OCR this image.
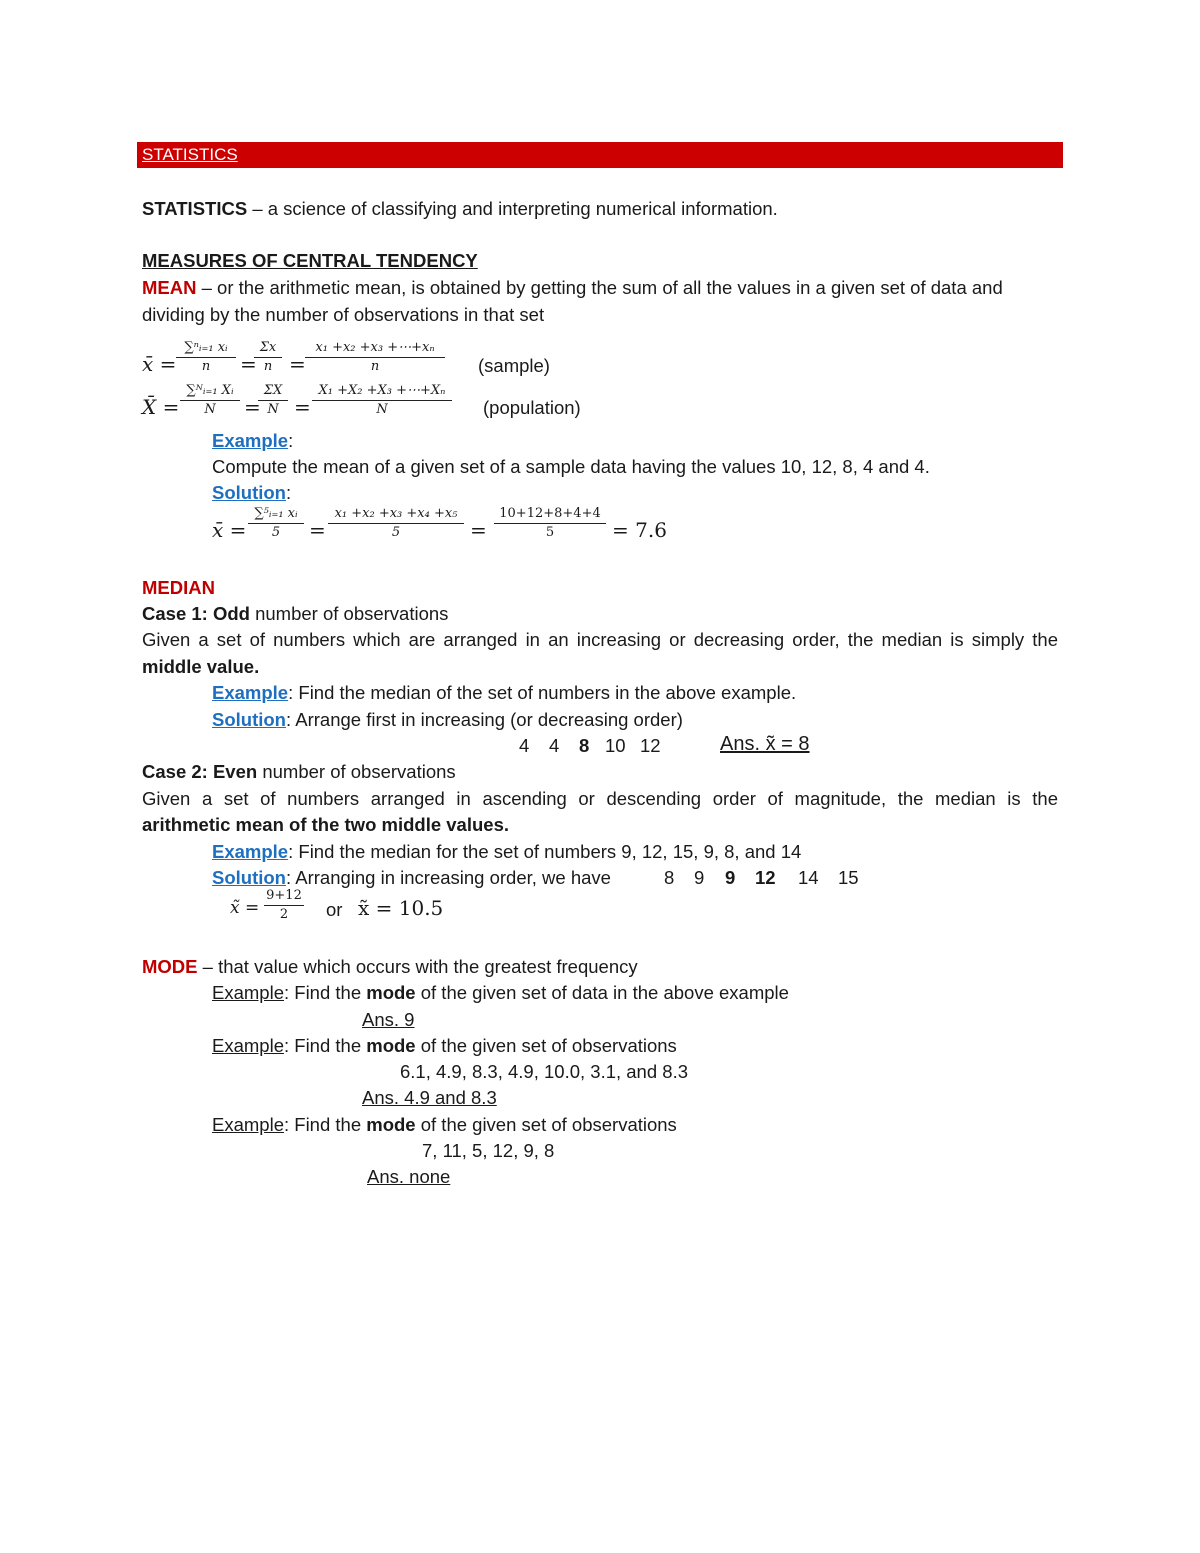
STATISTICS
STATISTICS – a science of classifying and interpreting numerical information.
MEASURES OF CENTRAL TENDENCY
MEAN – or the arithmetic mean, is obtained by getting the sum of all the values in a given set of data and
dividing by the number of observations in that set
x̄ = $\frac{\text{∑ⁿᵢ₌₁ xᵢ}}{n}$ =
$\frac{\Sigma x}{n} = \frac{\text{x₁ +x₂ +x₃ +⋯+xₙ}}{n}$ (sample)
X̄ = $\frac{\text{∑ᴺᵢ₌₁ Xᵢ}}{N}$ =
$\frac{\Sigma X}{N} = \frac{\text{X₁ +X₂ +X₃ +⋯+Xₙ}}{N}$ (population)
Example:
Compute the mean of a given set of a sample data having the values 10, 12, 8, 4 and 4.
Solution:
x̄ = $\frac{\text{∑⁵ᵢ₌₁ xᵢ}}{5} = \frac{\text{x₁ +x₂ +x₃ +x₄ +x₅}}{5} = \frac{10+12+8+4+4}{5} = 7.6$
MEDIAN
Case 1: Odd number of observations
Given a set of numbers which are arranged in an increasing or decreasing order, the median is simply the
middle value.
Example: Find the median of the set of numbers in the above example.
Solution: Arrange first in increasing (or decreasing order)
4 4 8 10 12	Ans. x̃ = 8
Case 2: Even number of observations
Given a set of numbers arranged in ascending or descending order of magnitude, the median is the
arithmetic mean of the two middle values.
Example: Find the median for the set of numbers 9, 12, 15, 9, 8, and 14
Solution: Arranging in increasing order, we have	8 9 9 12 14 15
x̃ = $\frac{9+12}{2}$ or x̃ = 10.5
MODE – that value which occurs with the greatest frequency
Example: Find the mode of the given set of data in the above example
Ans. 9
Example: Find the mode of the given set of observations
6.1, 4.9, 8.3, 4.9, 10.0, 3.1, and 8.3
Ans. 4.9 and 8.3
Example: Find the mode of the given set of observations
7, 11, 5, 12, 9, 8
Ans. none
